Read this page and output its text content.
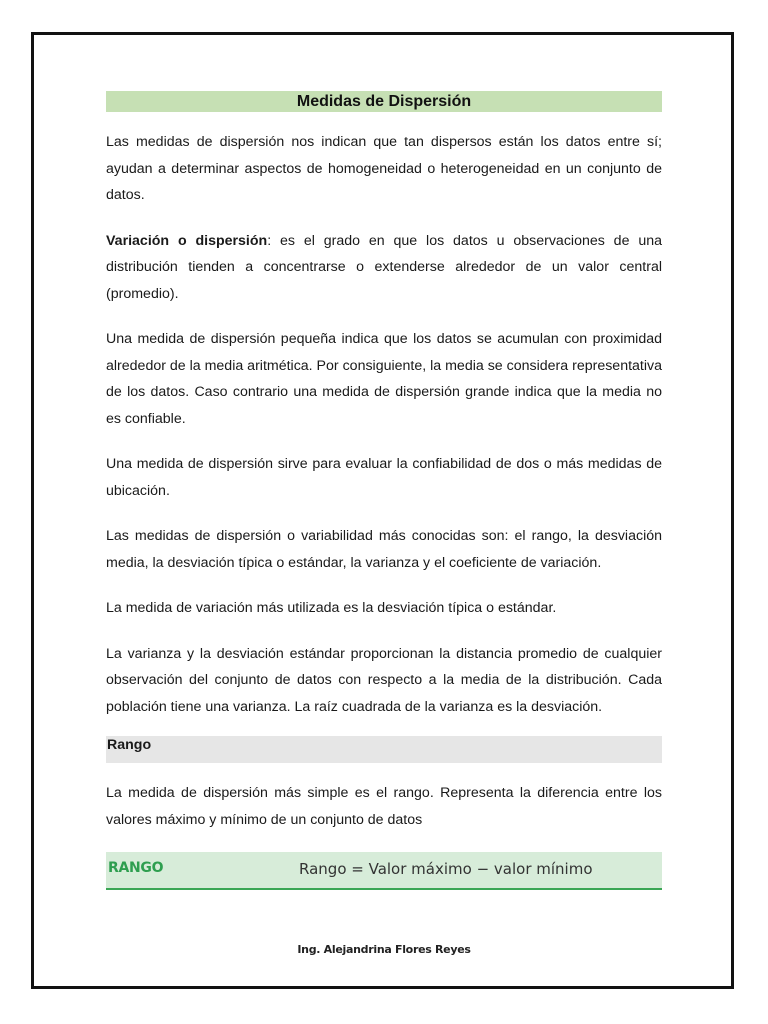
Medidas de Dispersión

Las medidas de dispersión nos indican que tan dispersos están los datos entre sí; ayudan a determinar aspectos de homogeneidad o heterogeneidad en un conjunto de datos.

Variación o dispersión: es el grado en que los datos u observaciones de una distribución tienden a concentrarse o extenderse alrededor de un valor central (promedio).

Una medida de dispersión pequeña indica que los datos se acumulan con proximidad alrededor de la media aritmética. Por consiguiente, la media se considera representativa de los datos. Caso contrario una medida de dispersión grande indica que la media no es confiable.

Una medida de dispersión sirve para evaluar la confiabilidad de dos o más medidas de ubicación.

Las medidas de dispersión o variabilidad más conocidas son: el rango, la desviación media, la desviación típica o estándar, la varianza y el coeficiente de variación.

La medida de variación más utilizada es la desviación típica o estándar.

La varianza y la desviación estándar proporcionan la distancia promedio de cualquier observación del conjunto de datos con respecto a la media de la distribución. Cada población tiene una varianza. La raíz cuadrada de la varianza es la desviación.

Rango

La medida de dispersión más simple es el rango. Representa la diferencia entre los valores máximo y mínimo de un conjunto de datos

RANGO	Rango = Valor máximo − valor mínimo
Ing. Alejandrina Flores Reyes
